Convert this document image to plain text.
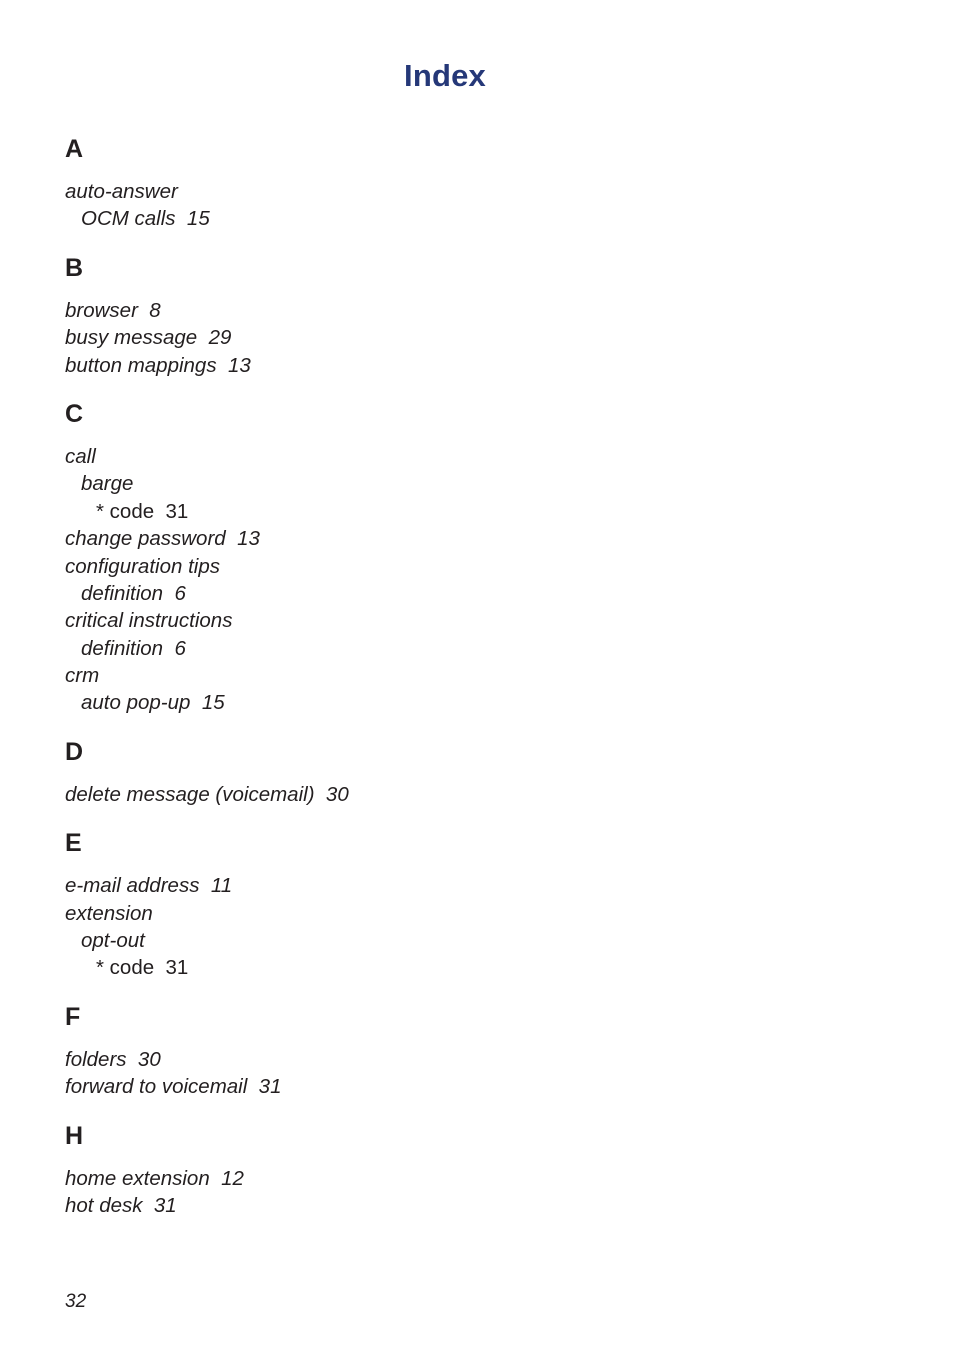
Index
A
auto-answer
OCM calls  15
B
browser  8
busy message  29
button mappings  13
C
call
barge
* code  31
change password  13
configuration tips
definition  6
critical instructions
definition  6
crm
auto pop-up  15
D
delete message (voicemail)  30
E
e-mail address  11
extension
opt-out
* code  31
F
folders  30
forward to voicemail  31
H
home extension  12
hot desk  31
32
